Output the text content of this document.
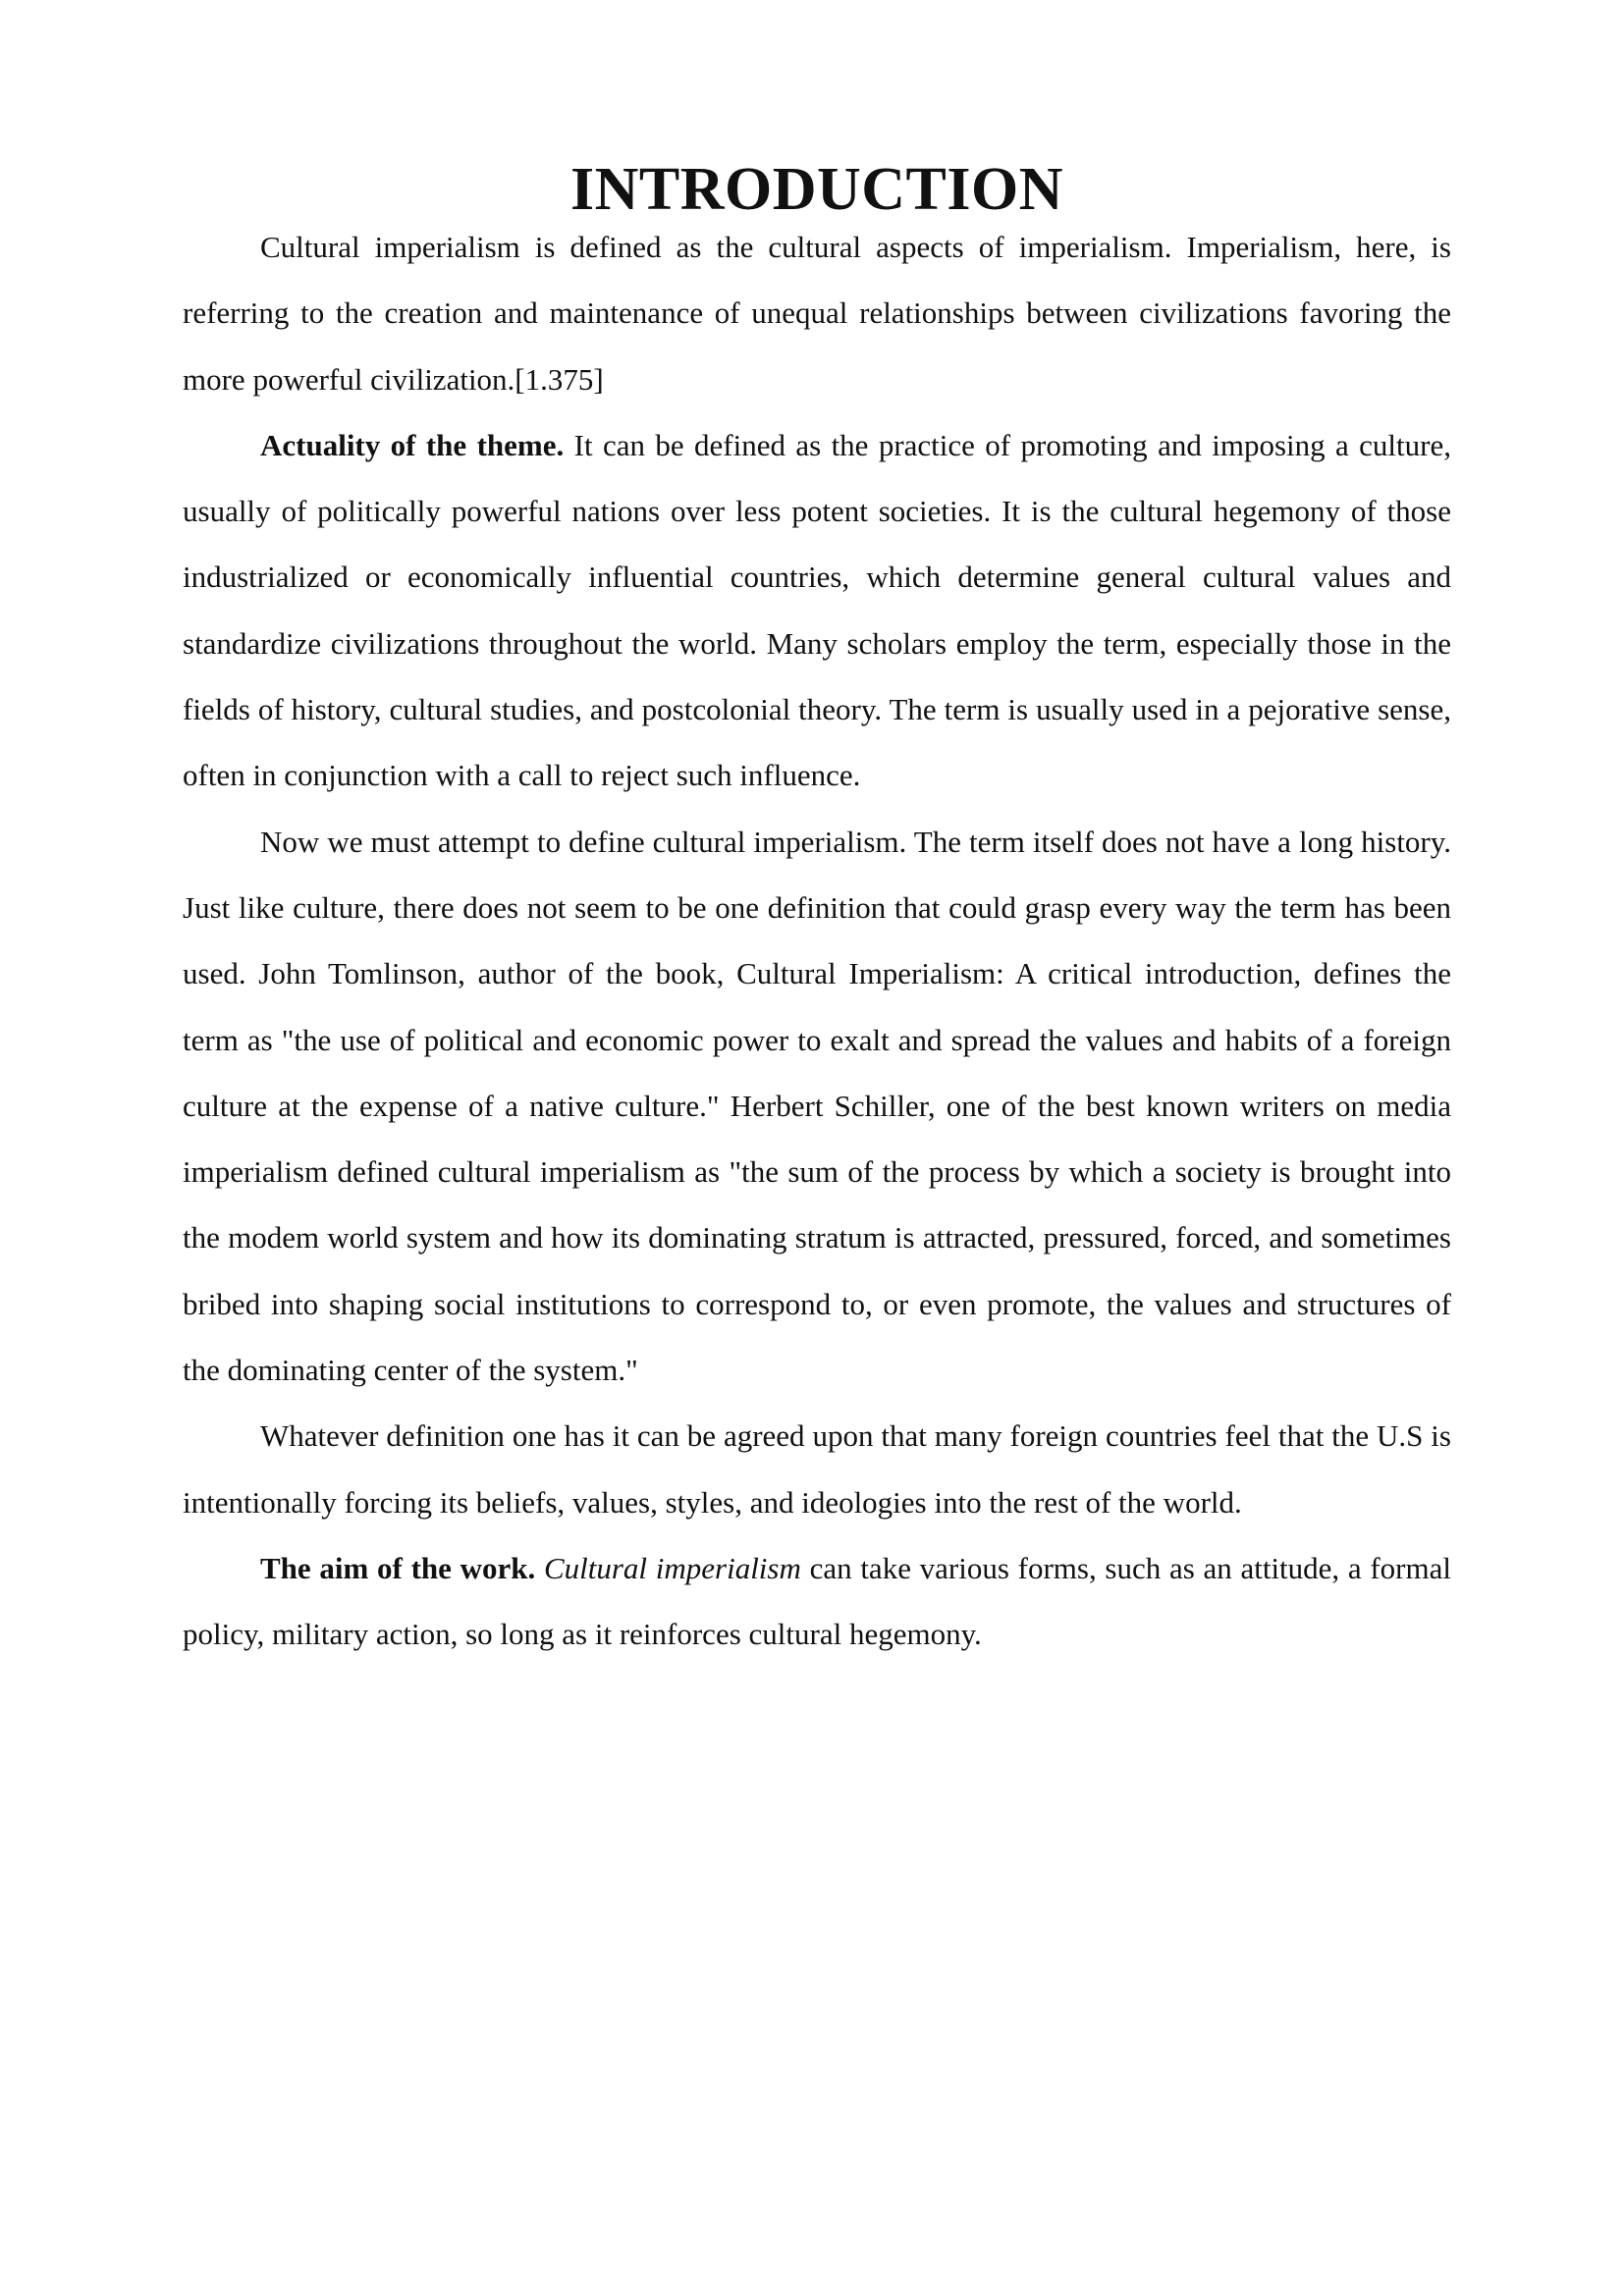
INTRODUCTION

Cultural imperialism is defined as the cultural aspects of imperialism. Imperialism, here, is referring to the creation and maintenance of unequal relationships between civilizations favoring the more powerful civilization.[1.375]

Actuality of the theme. It can be defined as the practice of promoting and imposing a culture, usually of politically powerful nations over less potent societies. It is the cultural hegemony of those industrialized or economically influential countries, which determine general cultural values and standardize civilizations throughout the world. Many scholars employ the term, especially those in the fields of history, cultural studies, and postcolonial theory. The term is usually used in a pejorative sense, often in conjunction with a call to reject such influence.

Now we must attempt to define cultural imperialism. The term itself does not have a long history. Just like culture, there does not seem to be one definition that could grasp every way the term has been used. John Tomlinson, author of the book, Cultural Imperialism: A critical introduction, defines the term as "the use of political and economic power to exalt and spread the values and habits of a foreign culture at the expense of a native culture." Herbert Schiller, one of the best known writers on media imperialism defined cultural imperialism as "the sum of the process by which a society is brought into the modem world system and how its dominating stratum is attracted, pressured, forced, and sometimes bribed into shaping social institutions to correspond to, or even promote, the values and structures of the dominating center of the system."

Whatever definition one has it can be agreed upon that many foreign countries feel that the U.S is intentionally forcing its beliefs, values, styles, and ideologies into the rest of the world.

The aim of the work. Cultural imperialism can take various forms, such as an attitude, a formal policy, military action, so long as it reinforces cultural hegemony.
